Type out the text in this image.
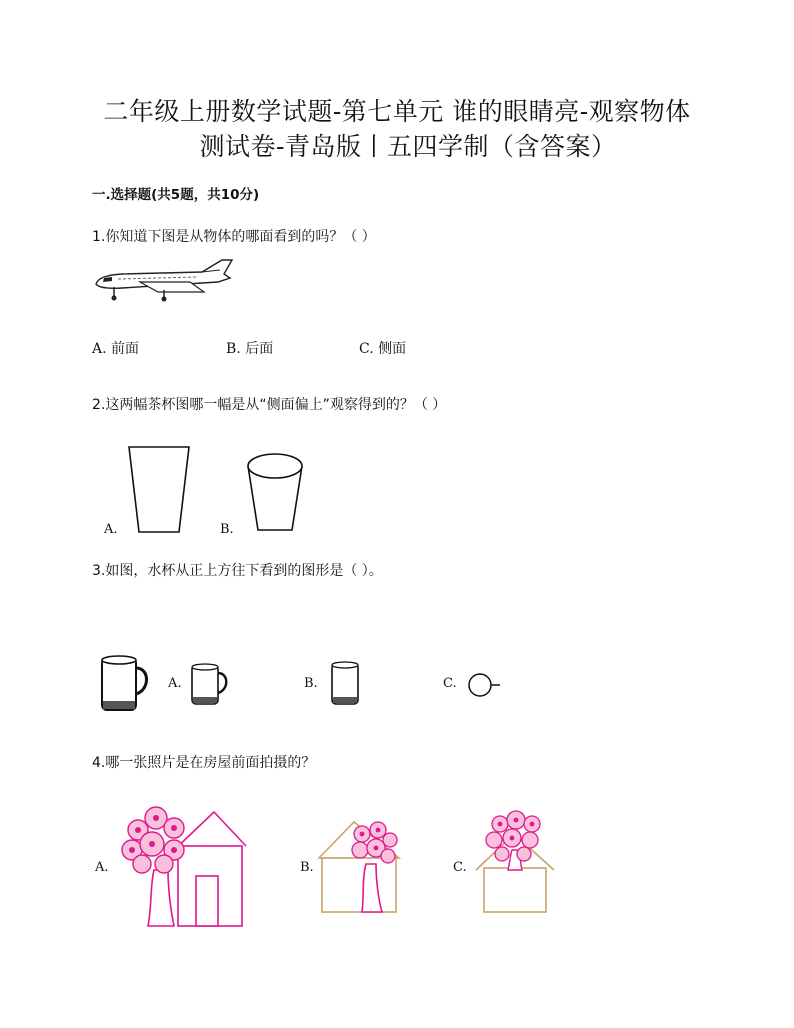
二年级上册数学试题-第七单元 谁的眼睛亮-观察物体
测试卷-青岛版丨五四学制（含答案）
一.选择题(共5题，共10分)
1.你知道下图是从物体的哪面看到的吗？（ ）
A. 前面	B. 后面	C. 侧面
2.这两幅茶杯图哪一幅是从“侧面偏上”观察得到的？（ ）
A.	B.
3.如图，水杯从正上方往下看到的图形是（ ）。
A.	B.	C.
4.哪一张照片是在房屋前面拍摄的？
A.	B.	C.
